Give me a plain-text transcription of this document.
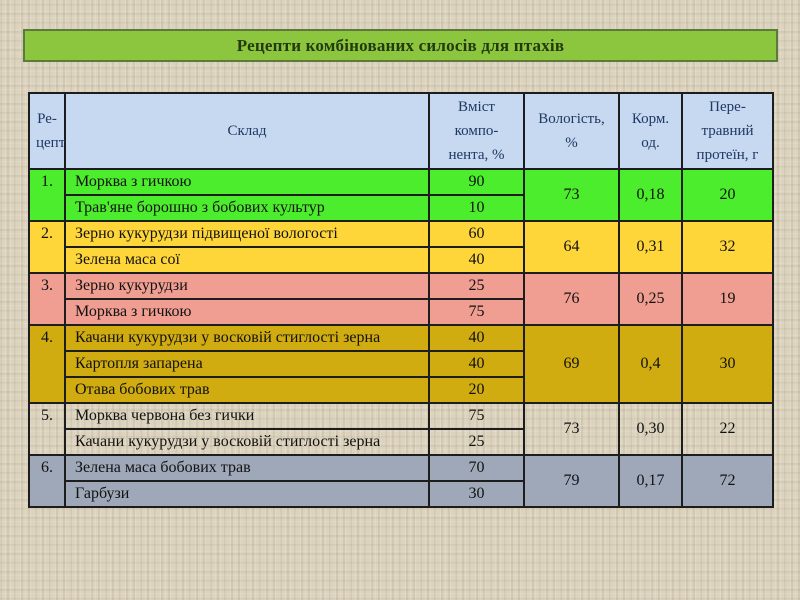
Рецепти комбінованих силосів для птахів
Ре-цепт	Склад	Вміст компо-нента, %	Вологість, %	Корм. од.	Пере-травний протеїн, г
1.	Морква з гичкою	90	73	0,18	20
	Трав'яне борошно з бобових культур	10			
2.	Зерно кукурудзи підвищеної вологості	60	64	0,31	32
	Зелена маса сої	40			
3.	Зерно кукурудзи	25	76	0,25	19
	Морква з гичкою	75			
4.	Качани кукурудзи у восковій стиглості зерна	40	69	0,4	30
	Картопля запарена	40			
	Отава бобових трав	20			
5.	Морква червона без гички	75	73	0,30	22
	Качани кукурудзи у восковій стиглості зерна	25			
6.	Зелена маса бобових трав	70	79	0,17	72
	Гарбузи	30			
